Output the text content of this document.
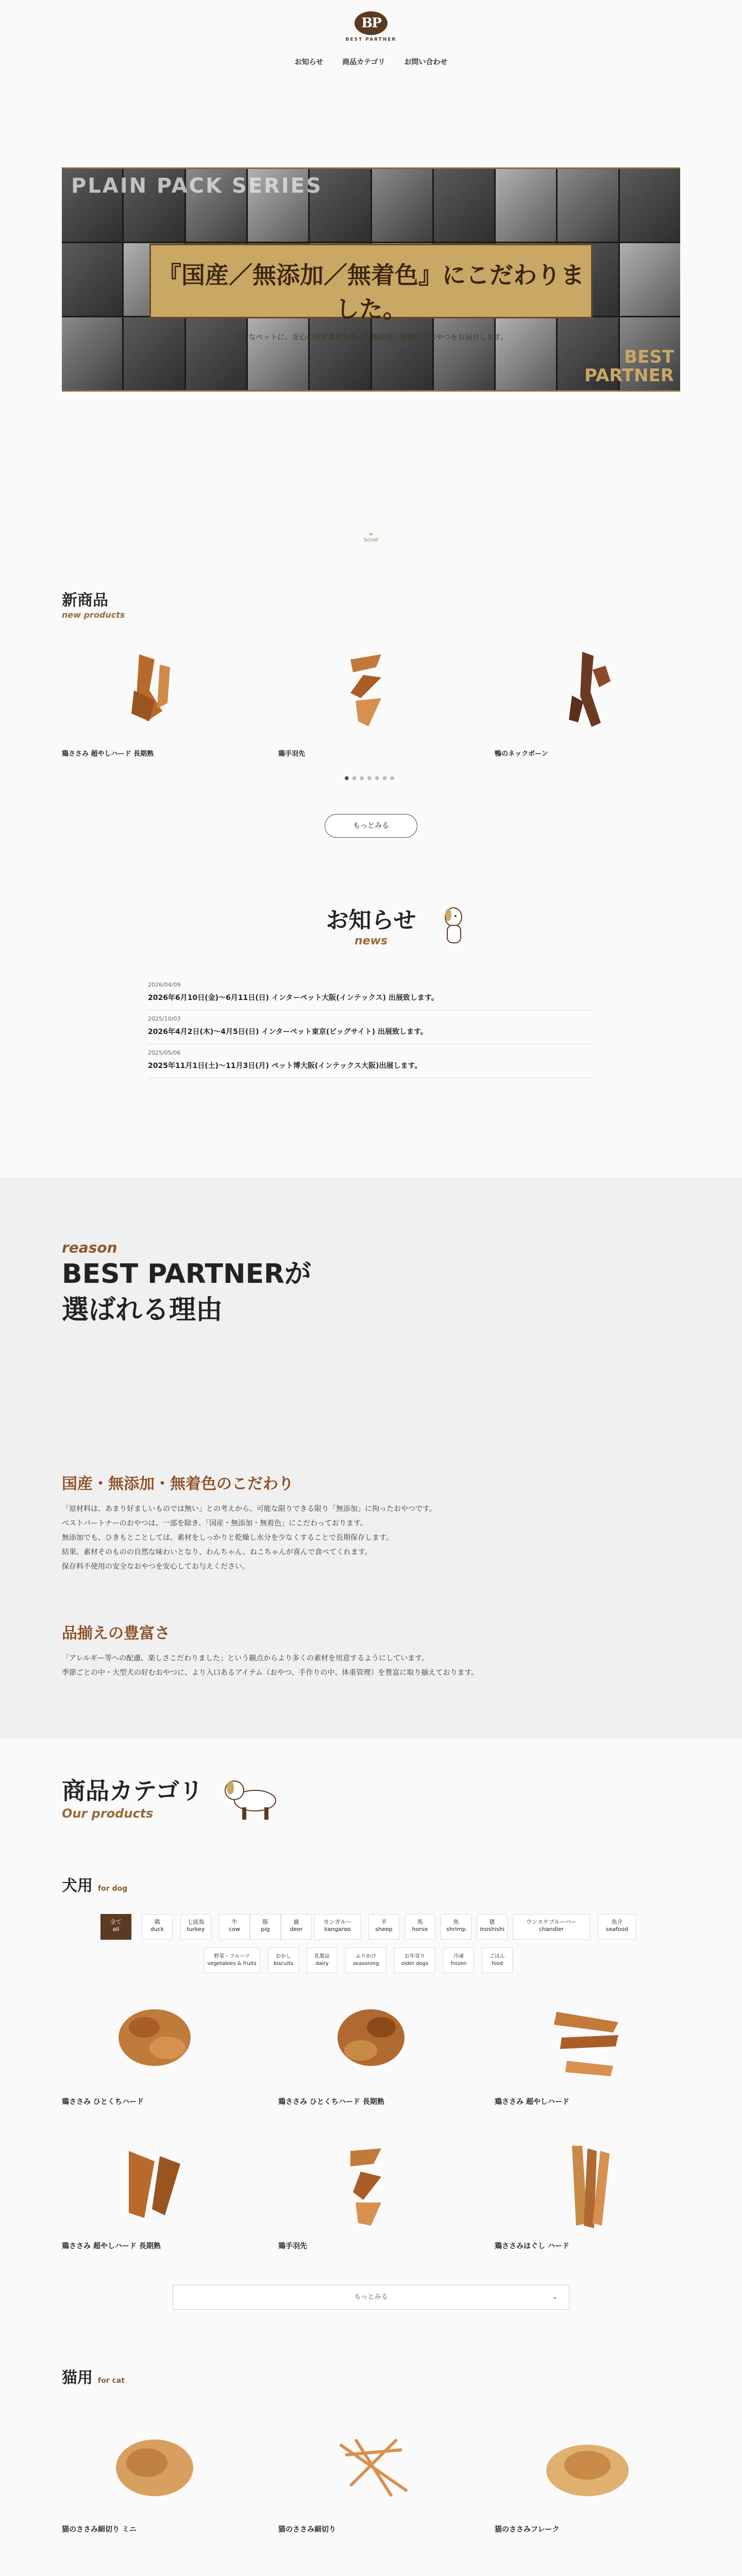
BP
BEST PARTNER
お知らせ	商品カテゴリ	お問い合わせ
PLAIN PACK SERIES
『国産／無添加／無着色』にこだわりました。
大切なペットに、安心の国産素材を使った無添加・無着色のおやつをお届けします。
BEST
PARTNER
⌄
Scroll
新商品
new products
鶏ささみ 超やしハード 長期熟	鶏手羽先	鴨のネックボーン
●●●●●●●
もっとみる
お知らせ
news
2026/04/09
2026年6月10日(金)〜6月11日(日) インターペット大阪(インテックス) 出展致します。
2025/10/03
2026年4月2日(木)〜4月5日(日) インターペット東京(ビッグサイト) 出展致します。
2025/05/06
2025年11月1日(土)〜11月3日(月) ペット博大阪(インテックス大阪)出展します。
reason
BEST PARTNERが
選ばれる理由
国産・無添加・無着色のこだわり
「原材料は、あまり好ましいものでは無い」との考えから、可能な限りできる限り「無添加」に拘ったおやつです。
ベストパートナーのおやつは、一部を除き、「国産・無添加・無着色」にこだわっております。
無添加でも、ひきもとことしては、素材をしっかりと乾燥し水分を少なくすることで長期保存します。
結果、素材そのものの自然な味わいとなり、わんちゃん、ねこちゃんが喜んで食べてくれます。
保存料不使用の安全なおやつを安心してお与えください。
品揃えの豊富さ
「アレルギー等への配慮、楽しさこだわりました」という観点からより多くの素材を用意するようにしています。
季節ごとの中・大型犬の好むおやつに、より入口あるアイテム（おやつ、手作りの中、体重管理）を豊富に取り揃えております。
商品カテゴリ
Our products
犬用 for dog
全て
all
鶏
duck
七面鳥
turkey
牛
cow
豚
pig
鹿
deer
カンガルー
kangaroo
羊
sheep
馬
horse
魚
shrimp
猪
inoshishi
ウンスケプルーバー
chandler
魚介
seafood
野菜・フルーツ
vegetables & fruits
おかし
biscuits
乳製品
dairy
ふりかけ
seasoning
お年寄り
older dogs
冷凍
frozen
ごはん
food
鶏ささみ ひとくちハード	鶏ささみ ひとくちハード 長期熟	鶏ささみ 超やしハード
鶏ささみ 超やしハード 長期熟	鶏手羽先	鶏ささみほぐし ハード
もっとみる	⌄
猫用 for cat
猫のささみ細切り ミニ	猫のささみ細切り	猫のささみフレーク
